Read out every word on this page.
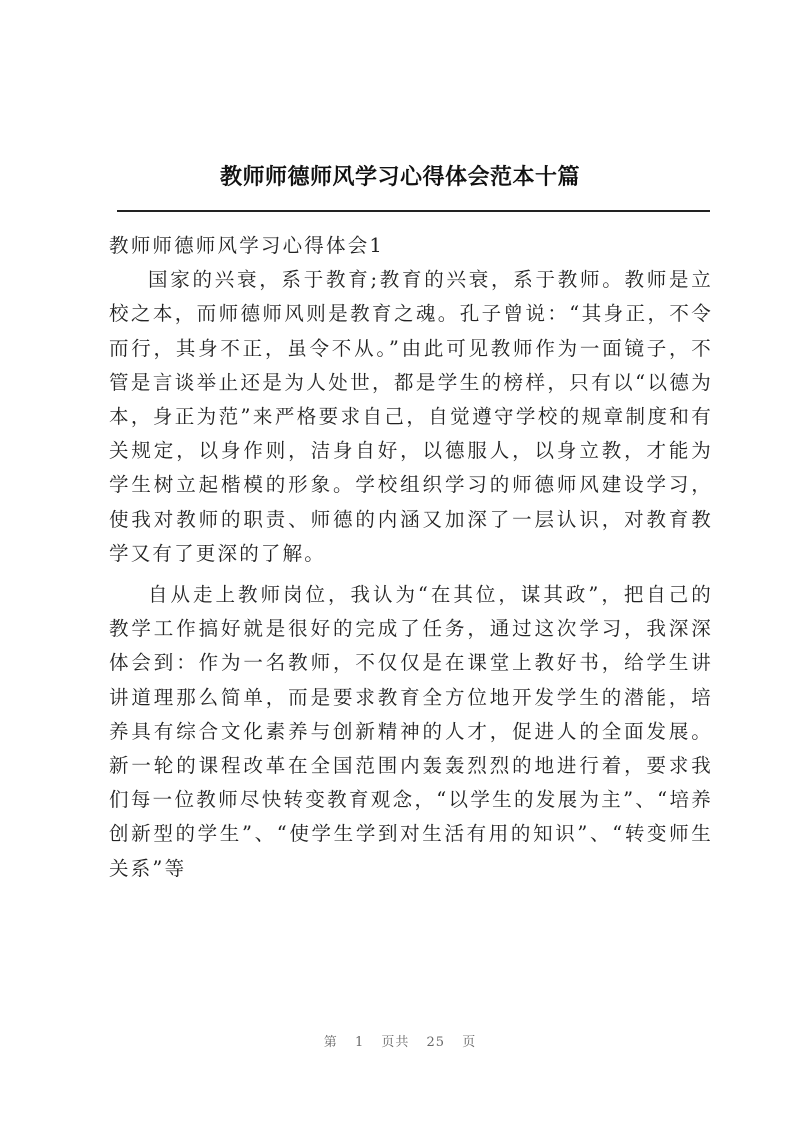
教师师德师风学习心得体会范本十篇

教师师德师风学习心得体会1

国家的兴衰，系于教育;教育的兴衰，系于教师。教师是立校之本，而师德师风则是教育之魂。孔子曾说：“其身正，不令而行，其身不正，虽令不从。”由此可见教师作为一面镜子，不管是言谈举止还是为人处世，都是学生的榜样，只有以“以德为本，身正为范”来严格要求自己，自觉遵守学校的规章制度和有关规定，以身作则，洁身自好，以德服人，以身立教，才能为学生树立起楷模的形象。学校组织学习的师德师风建设学习，使我对教师的职责、师德的内涵又加深了一层认识，对教育教学又有了更深的了解。

自从走上教师岗位，我认为“在其位，谋其政”，把自己的教学工作搞好就是很好的完成了任务，通过这次学习，我深深体会到：作为一名教师，不仅仅是在课堂上教好书，给学生讲讲道理那么简单，而是要求教育全方位地开发学生的潜能，培养具有综合文化素养与创新精神的人才，促进人的全面发展。新一轮的课程改革在全国范围内轰轰烈烈的地进行着，要求我们每一位教师尽快转变教育观念，“以学生的发展为主”、“培养创新型的学生”、“使学生学到对生活有用的知识”、“转变师生关系”等

第 1 页共 25 页
